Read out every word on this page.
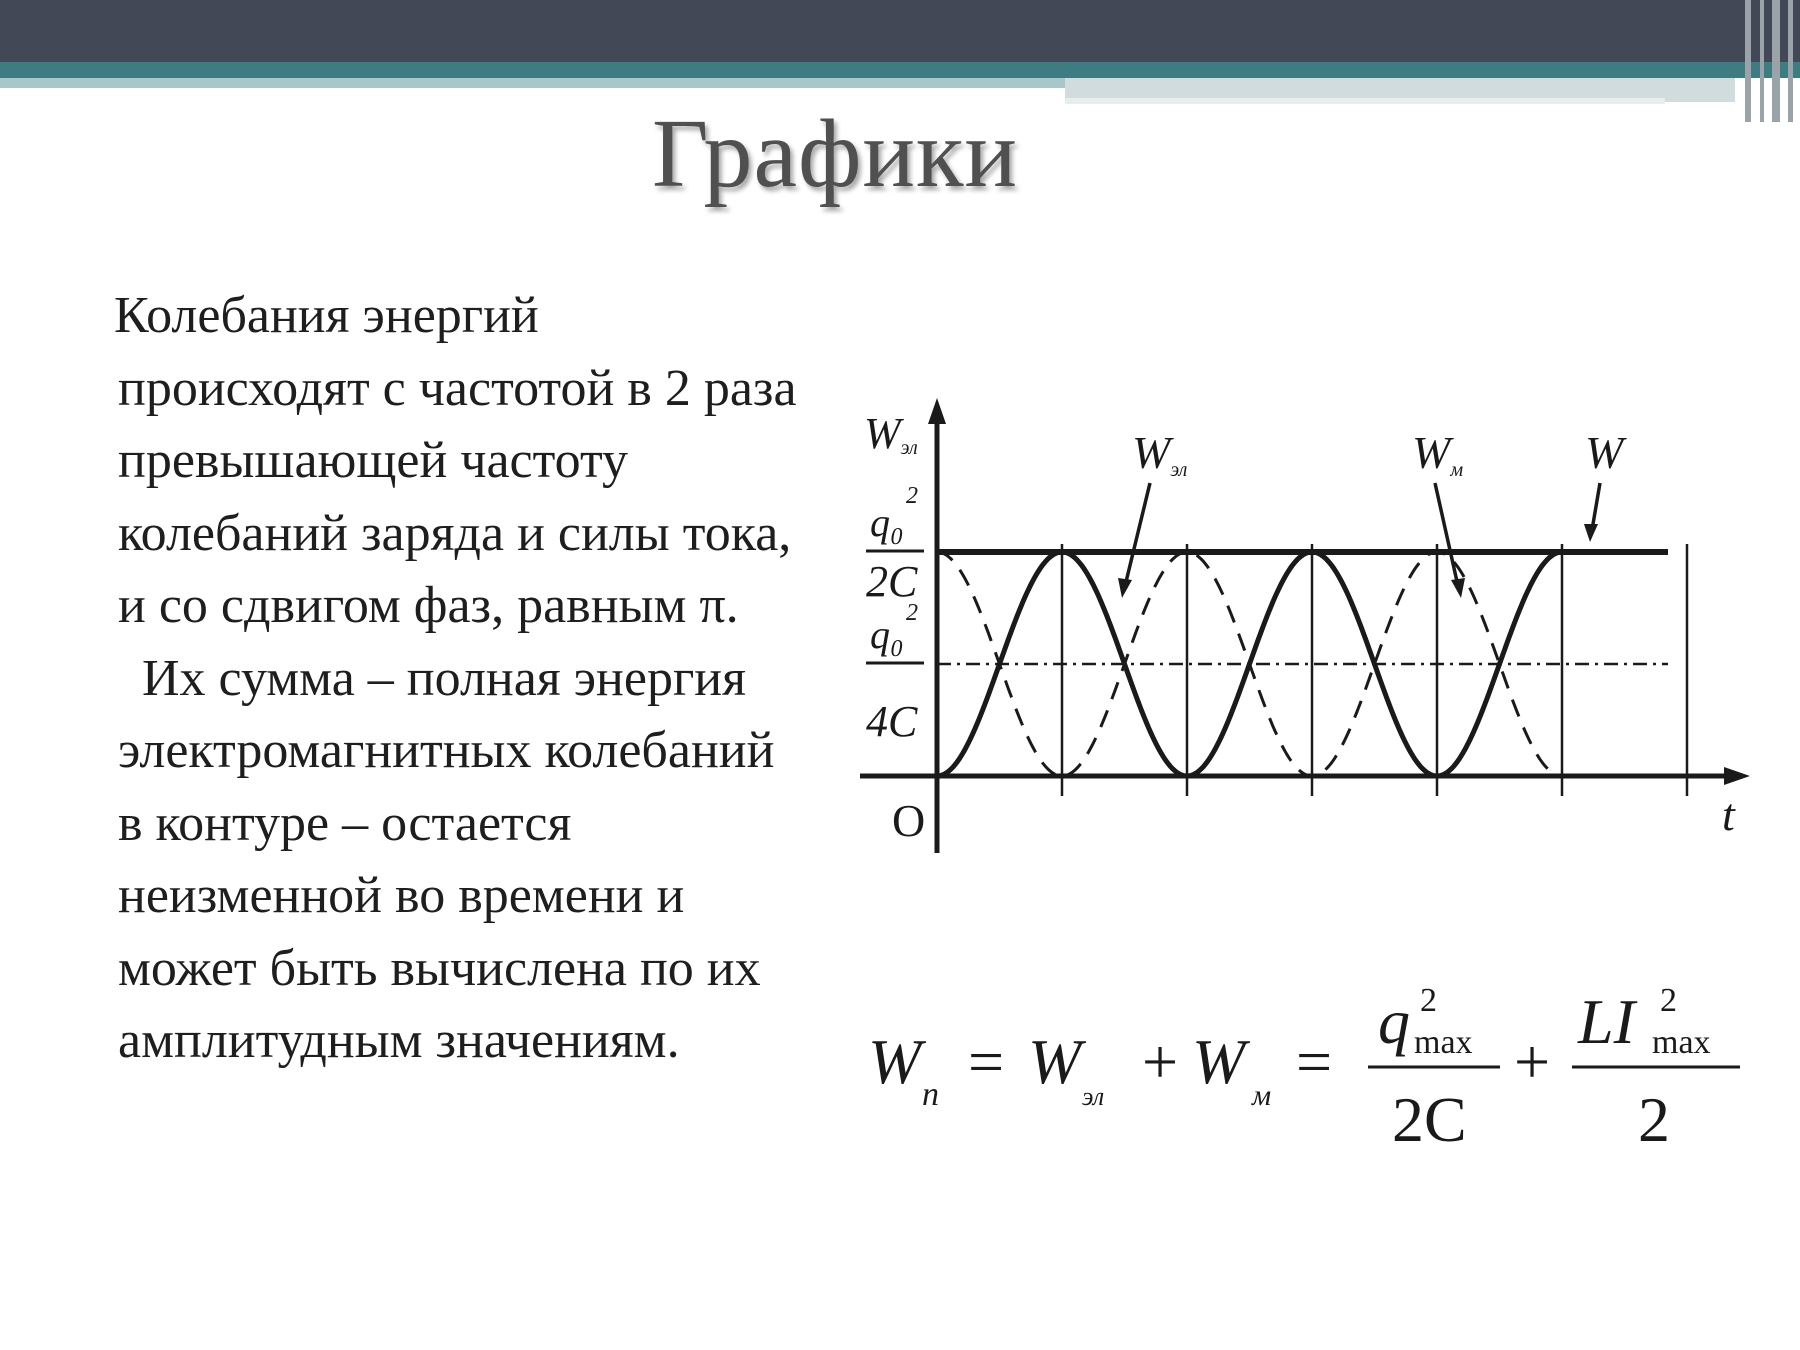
Графики

Колебания энергий происходят с частотой в 2 раза превышающей частоту колебаний заряда и силы тока, и со сдвигом фаз, равным π.

Их сумма – полная энергия электромагнитных колебаний в контуре – остается неизменной во времени и может быть вычислена по их амплитудным значениям.

Wэл
q₀
2
2C
q₀ 2
4C
O	t
Wэл	Wм	W
W п = W эл + W м =
q 2
max
2C
+
LI 2
max
2
